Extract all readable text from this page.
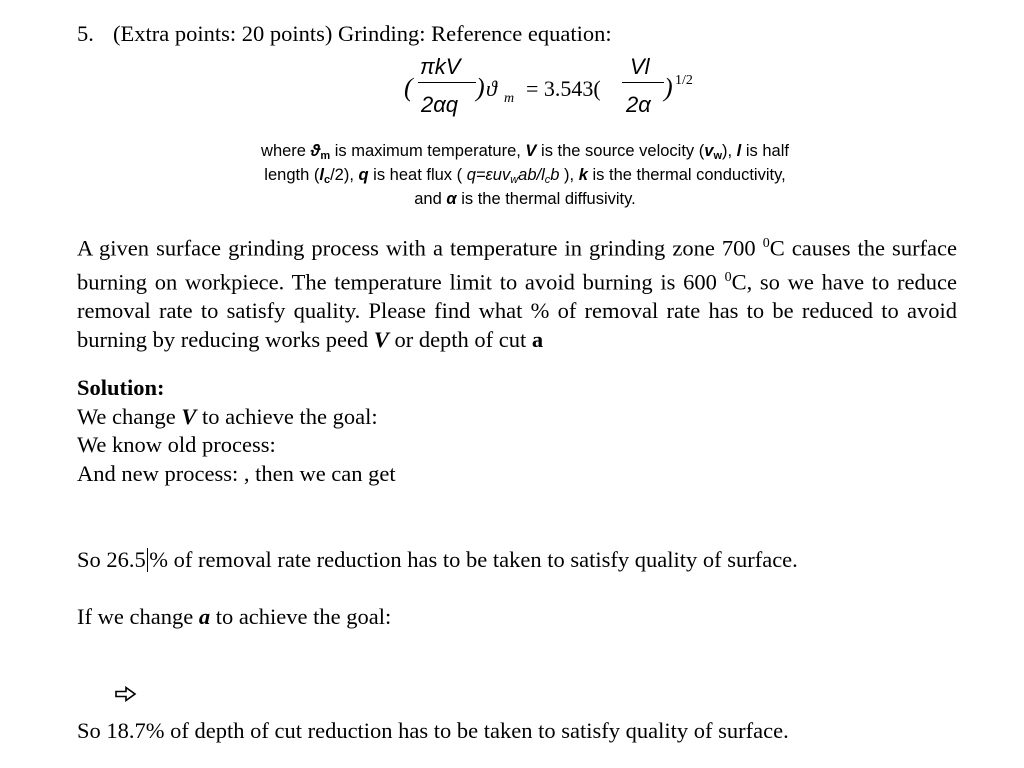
5. (Extra points: 20 points) Grinding: Reference equation:
(
πkV
2αq
) ϑ m = 3.543(
Vl
2α
) 1/2
where $ϑ_m$ is maximum temperature, V is the source velocity $(v_w)$, l is half
length $(l_c/2)$, q is heat flux ( $q=\varepsilon uv_wab/l_cb$ ), k is the thermal conductivity,
and α is the thermal diffusivity.
A given surface grinding process with a temperature in grinding zone 700 $^0$C causes the surface burning on workpiece. The temperature limit to avoid burning is 600 $^0$C, so we have to reduce removal rate to satisfy quality. Please find what % of removal rate has to be reduced to avoid burning by reducing works peed V or depth of cut a
Solution:
We change V to achieve the goal:
We know old process:
And new process: , then we can get
So 26.5 % of removal rate reduction has to be taken to satisfy quality of surface.
If we change a to achieve the goal:
So 18.7% of depth of cut reduction has to be taken to satisfy quality of surface.
